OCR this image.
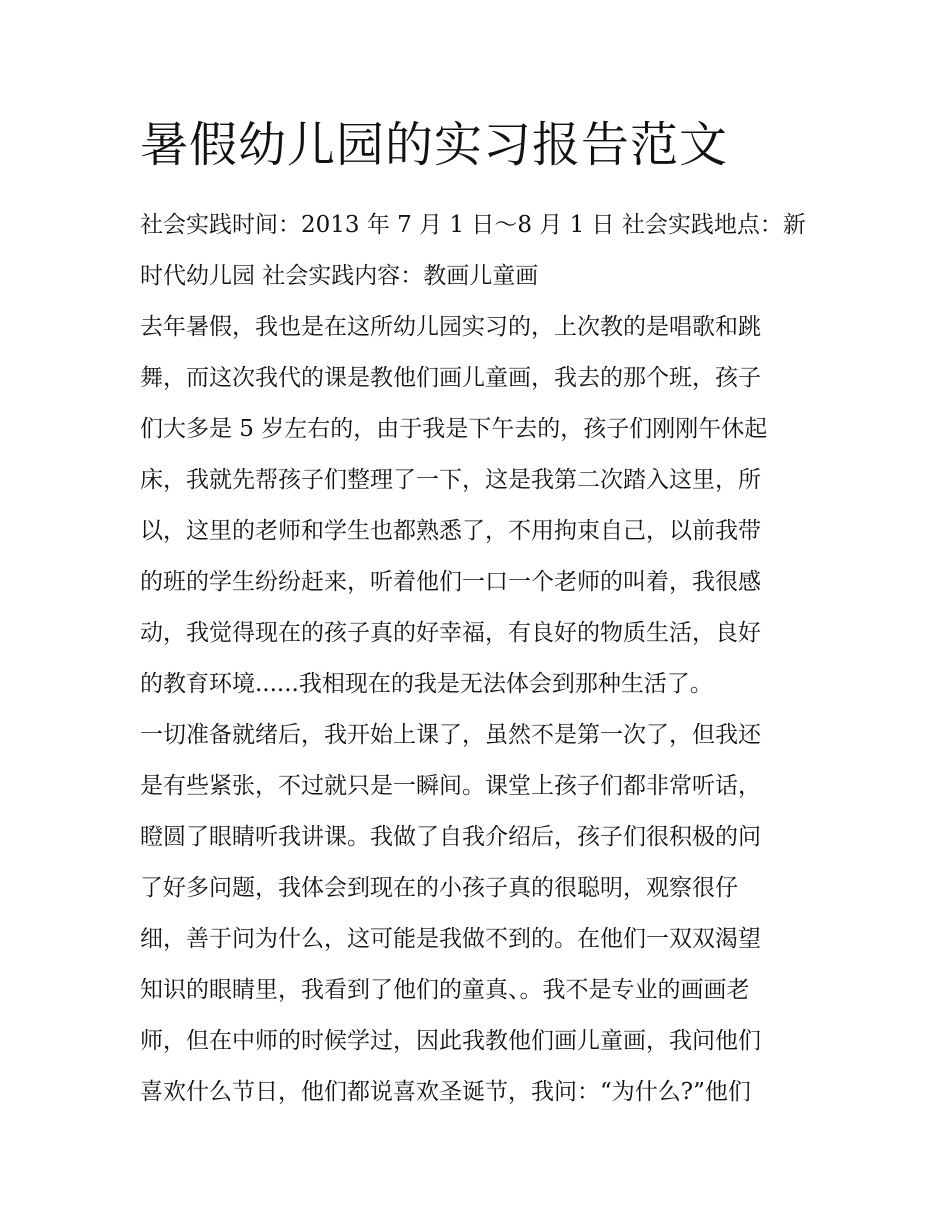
暑假幼儿园的实习报告范文

社会实践时间：2013 年 7 月 1 日～8 月 1 日 社会实践地点：新
时代幼儿园 社会实践内容：教画儿童画

去年暑假，我也是在这所幼儿园实习的，上次教的是唱歌和跳
舞，而这次我代的课是教他们画儿童画，我去的那个班，孩子
们大多是 5 岁左右的，由于我是下午去的，孩子们刚刚午休起
床，我就先帮孩子们整理了一下，这是我第二次踏入这里，所
以，这里的老师和学生也都熟悉了，不用拘束自己，以前我带
的班的学生纷纷赶来，听着他们一口一个老师的叫着，我很感
动，我觉得现在的孩子真的好幸福，有良好的物质生活，良好
的教育环境......我相现在的我是无法体会到那种生活了。

一切准备就绪后，我开始上课了，虽然不是第一次了，但我还
是有些紧张，不过就只是一瞬间。课堂上孩子们都非常听话，
瞪圆了眼睛听我讲课。我做了自我介绍后，孩子们很积极的问
了好多问题，我体会到现在的小孩子真的很聪明，观察很仔
细，善于问为什么，这可能是我做不到的。在他们一双双渴望
知识的眼睛里，我看到了他们的童真、。我不是专业的画画老
师，但在中师的时候学过，因此我教他们画儿童画，我问他们
喜欢什么节日，他们都说喜欢圣诞节，我问：“为什么?”他们
